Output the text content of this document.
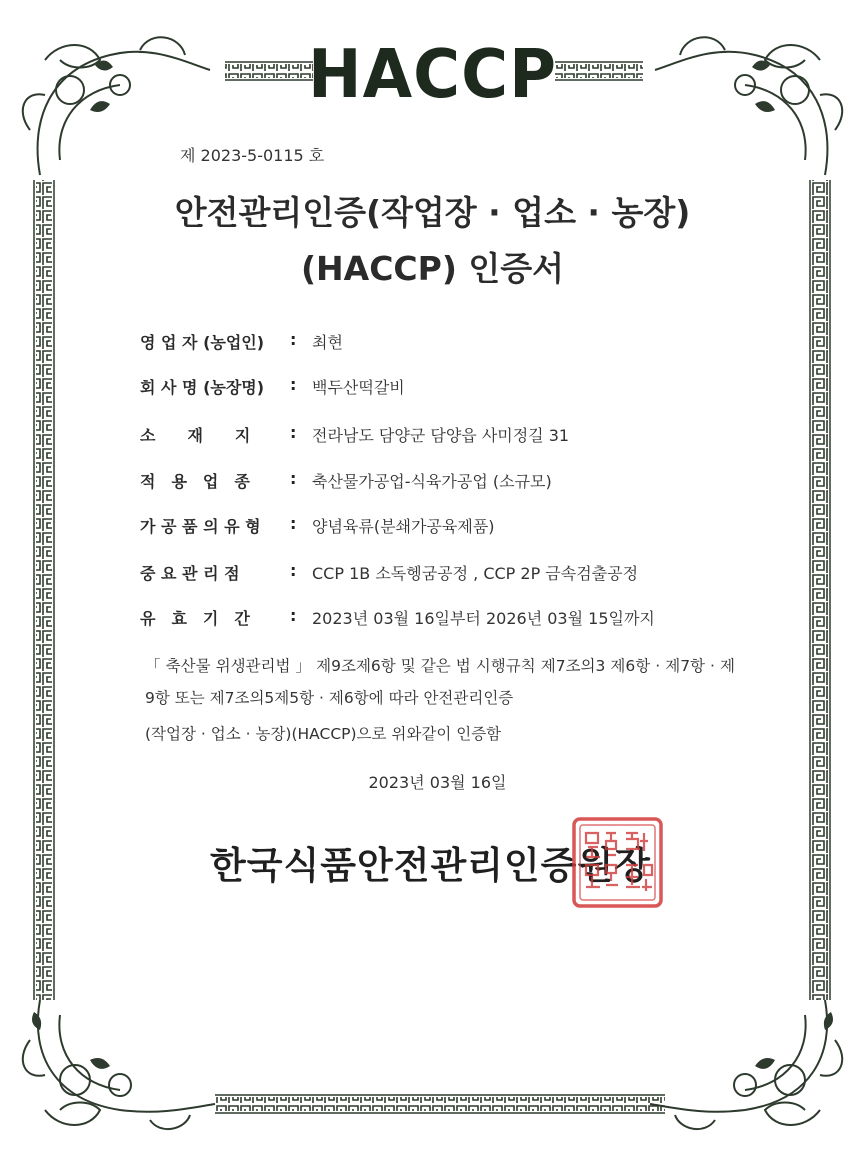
HACCP
제 2023-5-0115 호
안전관리인증(작업장 · 업소 · 농장)
(HACCP) 인증서
영 업 자 (농업인)	: 최현
회 사 명 (농장명)	: 백두산떡갈비
소　　재　　지	: 전라남도 담양군 담양읍 사미정길 31
적　용　업　종	: 축산물가공업-식육가공업 (소규모)
가 공 품 의 유 형	: 양념육류(분쇄가공육제품)
중 요 관 리 점	: CCP 1B 소독헹굼공정 , CCP 2P 금속검출공정
유　효　기　간	: 2023년 03월 16일부터 2026년 03월 15일까지
「 축산물 위생관리법 」 제9조제6항 및 같은 법 시행규칙 제7조의3 제6항 · 제7항 · 제9항 또는 제7조의5제5항 · 제6항에 따라 안전관리인증
(작업장 · 업소 · 농장)(HACCP)으로 위와같이 인증함
2023년 03월 16일
한국식품안전관리인증원장
